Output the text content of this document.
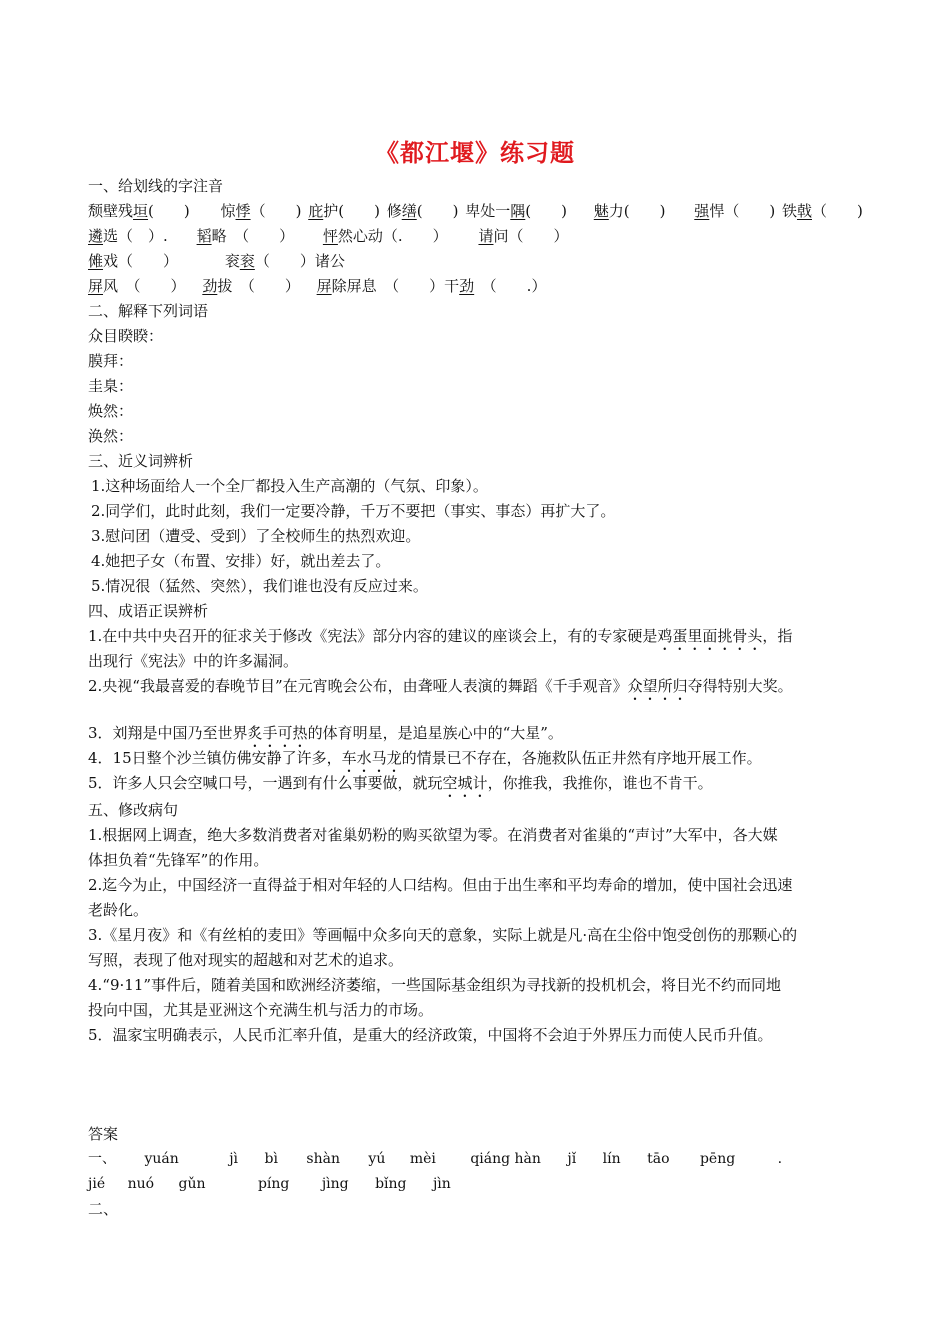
《都江堰》练习题
一、给划线的字注音
颓壁残垣(　　) 惊悸（　　) 庇护(　　) 修缮(　　) 卑处一隅(　　) 魅力(　　) 强悍（　　) 铁戟（　　)
遴选（　）. 韬略　（　　） 怦然心动（.　　） 请问（　　）
傩戏（　　）	衮衮（　　）诸公
屏风　（　　） 劲拔　（　　） 屏除屏息　（　　）干劲　（　　.）
二、解释下列词语
众目睽睽：
膜拜：
圭臬：
焕然：
涣然：
三、近义词辨析
1.这种场面给人一个全厂都投入生产高潮的（气氛、印象）。
2.同学们，此时此刻，我们一定要冷静，千万不要把（事实、事态）再扩大了。
3.慰问团（遭受、受到）了全校师生的热烈欢迎。
4.她把子女（布置、安排）好，就出差去了。
5.情况很（猛然、突然），我们谁也没有反应过来。
四、成语正误辨析
1.在中共中央召开的征求关于修改《宪法》部分内容的建议的座谈会上，有的专家硬是鸡蛋里面挑骨头，指
出现行《宪法》中的许多漏洞。
2.央视“我最喜爱的春晚节目”在元宵晚会公布，由聋哑人表演的舞蹈《千手观音》众望所归夺得特别大奖。
3．刘翔是中国乃至世界炙手可热的体育明星，是追星族心中的“大星”。
4．15日整个沙兰镇仿佛安静了许多，车水马龙的情景已不存在，各施救队伍正井然有序地开展工作。
5．许多人只会空喊口号，一遇到有什么事要做，就玩空城计，你推我，我推你，谁也不肯干。
五、修改病句
1.根据网上调查，绝大多数消费者对雀巢奶粉的购买欲望为零。在消费者对雀巢的“声讨”大军中，各大媒
体担负着“先锋军”的作用。
2.迄今为止，中国经济一直得益于相对年轻的人口结构。但由于出生率和平均寿命的增加，使中国社会迅速
老龄化。
3.《星月夜》和《有丝柏的麦田》等画幅中众多向天的意象，实际上就是凡·高在尘俗中饱受创伤的那颗心的
写照，表现了他对现实的超越和对艺术的追求。
4.“9·11”事件后，随着美国和欧洲经济萎缩，一些国际基金组织为寻找新的投机机会，将目光不约而同地
投向中国，尤其是亚洲这个充满生机与活力的市场。
5．温家宝明确表示，人民币汇率升值，是重大的经济政策，中国将不会迫于外界压力而使人民币升值。
答案
一、 yuán	jì bì shàn yú mèi qiáng hàn jǐ lín tāo pēng	.
jié nuó gǔn	píng jìng bǐng jìn
二、
